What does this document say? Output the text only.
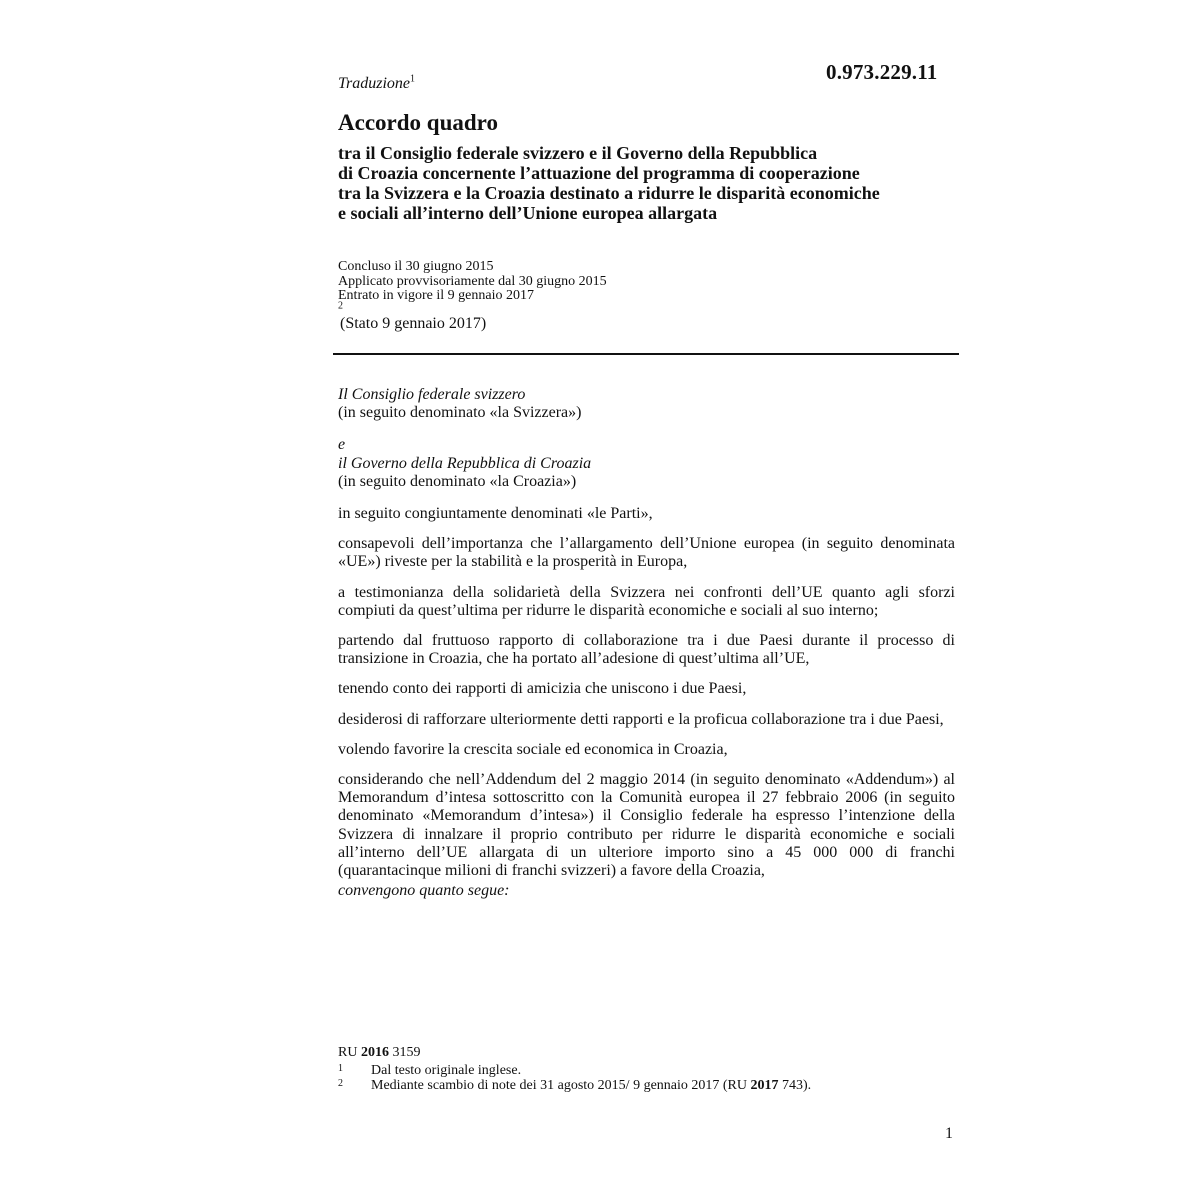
0.973.229.11
Traduzione$^1$
Accordo quadro
tra il Consiglio federale svizzero e il Governo della Repubblica
di Croazia concernente l’attuazione del programma di cooperazione
tra la Svizzera e la Croazia destinato a ridurre le disparità economiche
e sociali all’interno dell’Unione europea allargata
Concluso il 30 giugno 2015
Applicato provvisoriamente dal 30 giugno 2015
Entrato in vigore il 9 gennaio 2017
$^2$
(Stato 9 gennaio 2017)

Il Consiglio federale svizzero
(in seguito denominato «la Svizzera»)

e
il Governo della Repubblica di Croazia
(in seguito denominato «la Croazia»)

in seguito congiuntamente denominati «le Parti»,

consapevoli dell’importanza che l’allargamento dell’Unione europea (in seguito denominata «UE») riveste per la stabilità e la prosperità in Europa,

a testimonianza della solidarietà della Svizzera nei confronti dell’UE quanto agli sforzi compiuti da quest’ultima per ridurre le disparità economiche e sociali al suo interno;

partendo dal fruttuoso rapporto di collaborazione tra i due Paesi durante il processo di transizione in Croazia, che ha portato all’adesione di quest’ultima all’UE,

tenendo conto dei rapporti di amicizia che uniscono i due Paesi,

desiderosi di rafforzare ulteriormente detti rapporti e la proficua collaborazione tra i due Paesi,

volendo favorire la crescita sociale ed economica in Croazia,

considerando che nell’Addendum del 2 maggio 2014 (in seguito denominato «Addendum») al Memorandum d’intesa sottoscritto con la Comunità europea il 27 febbraio 2006 (in seguito denominato «Memorandum d’intesa») il Consiglio federale ha espresso l’intenzione della Svizzera di innalzare il proprio contributo per ridurre le disparità economiche e sociali all’interno dell’UE allargata di un ulteriore importo sino a 45 000 000 di franchi (quarantacinque milioni di franchi svizzeri) a favore della Croazia,

convengono quanto segue:

RU 2016 3159
1	Dal testo originale inglese.
2	Mediante scambio di note dei 31 agosto 2015/ 9 gennaio 2017 (RU 2017 743).
1
